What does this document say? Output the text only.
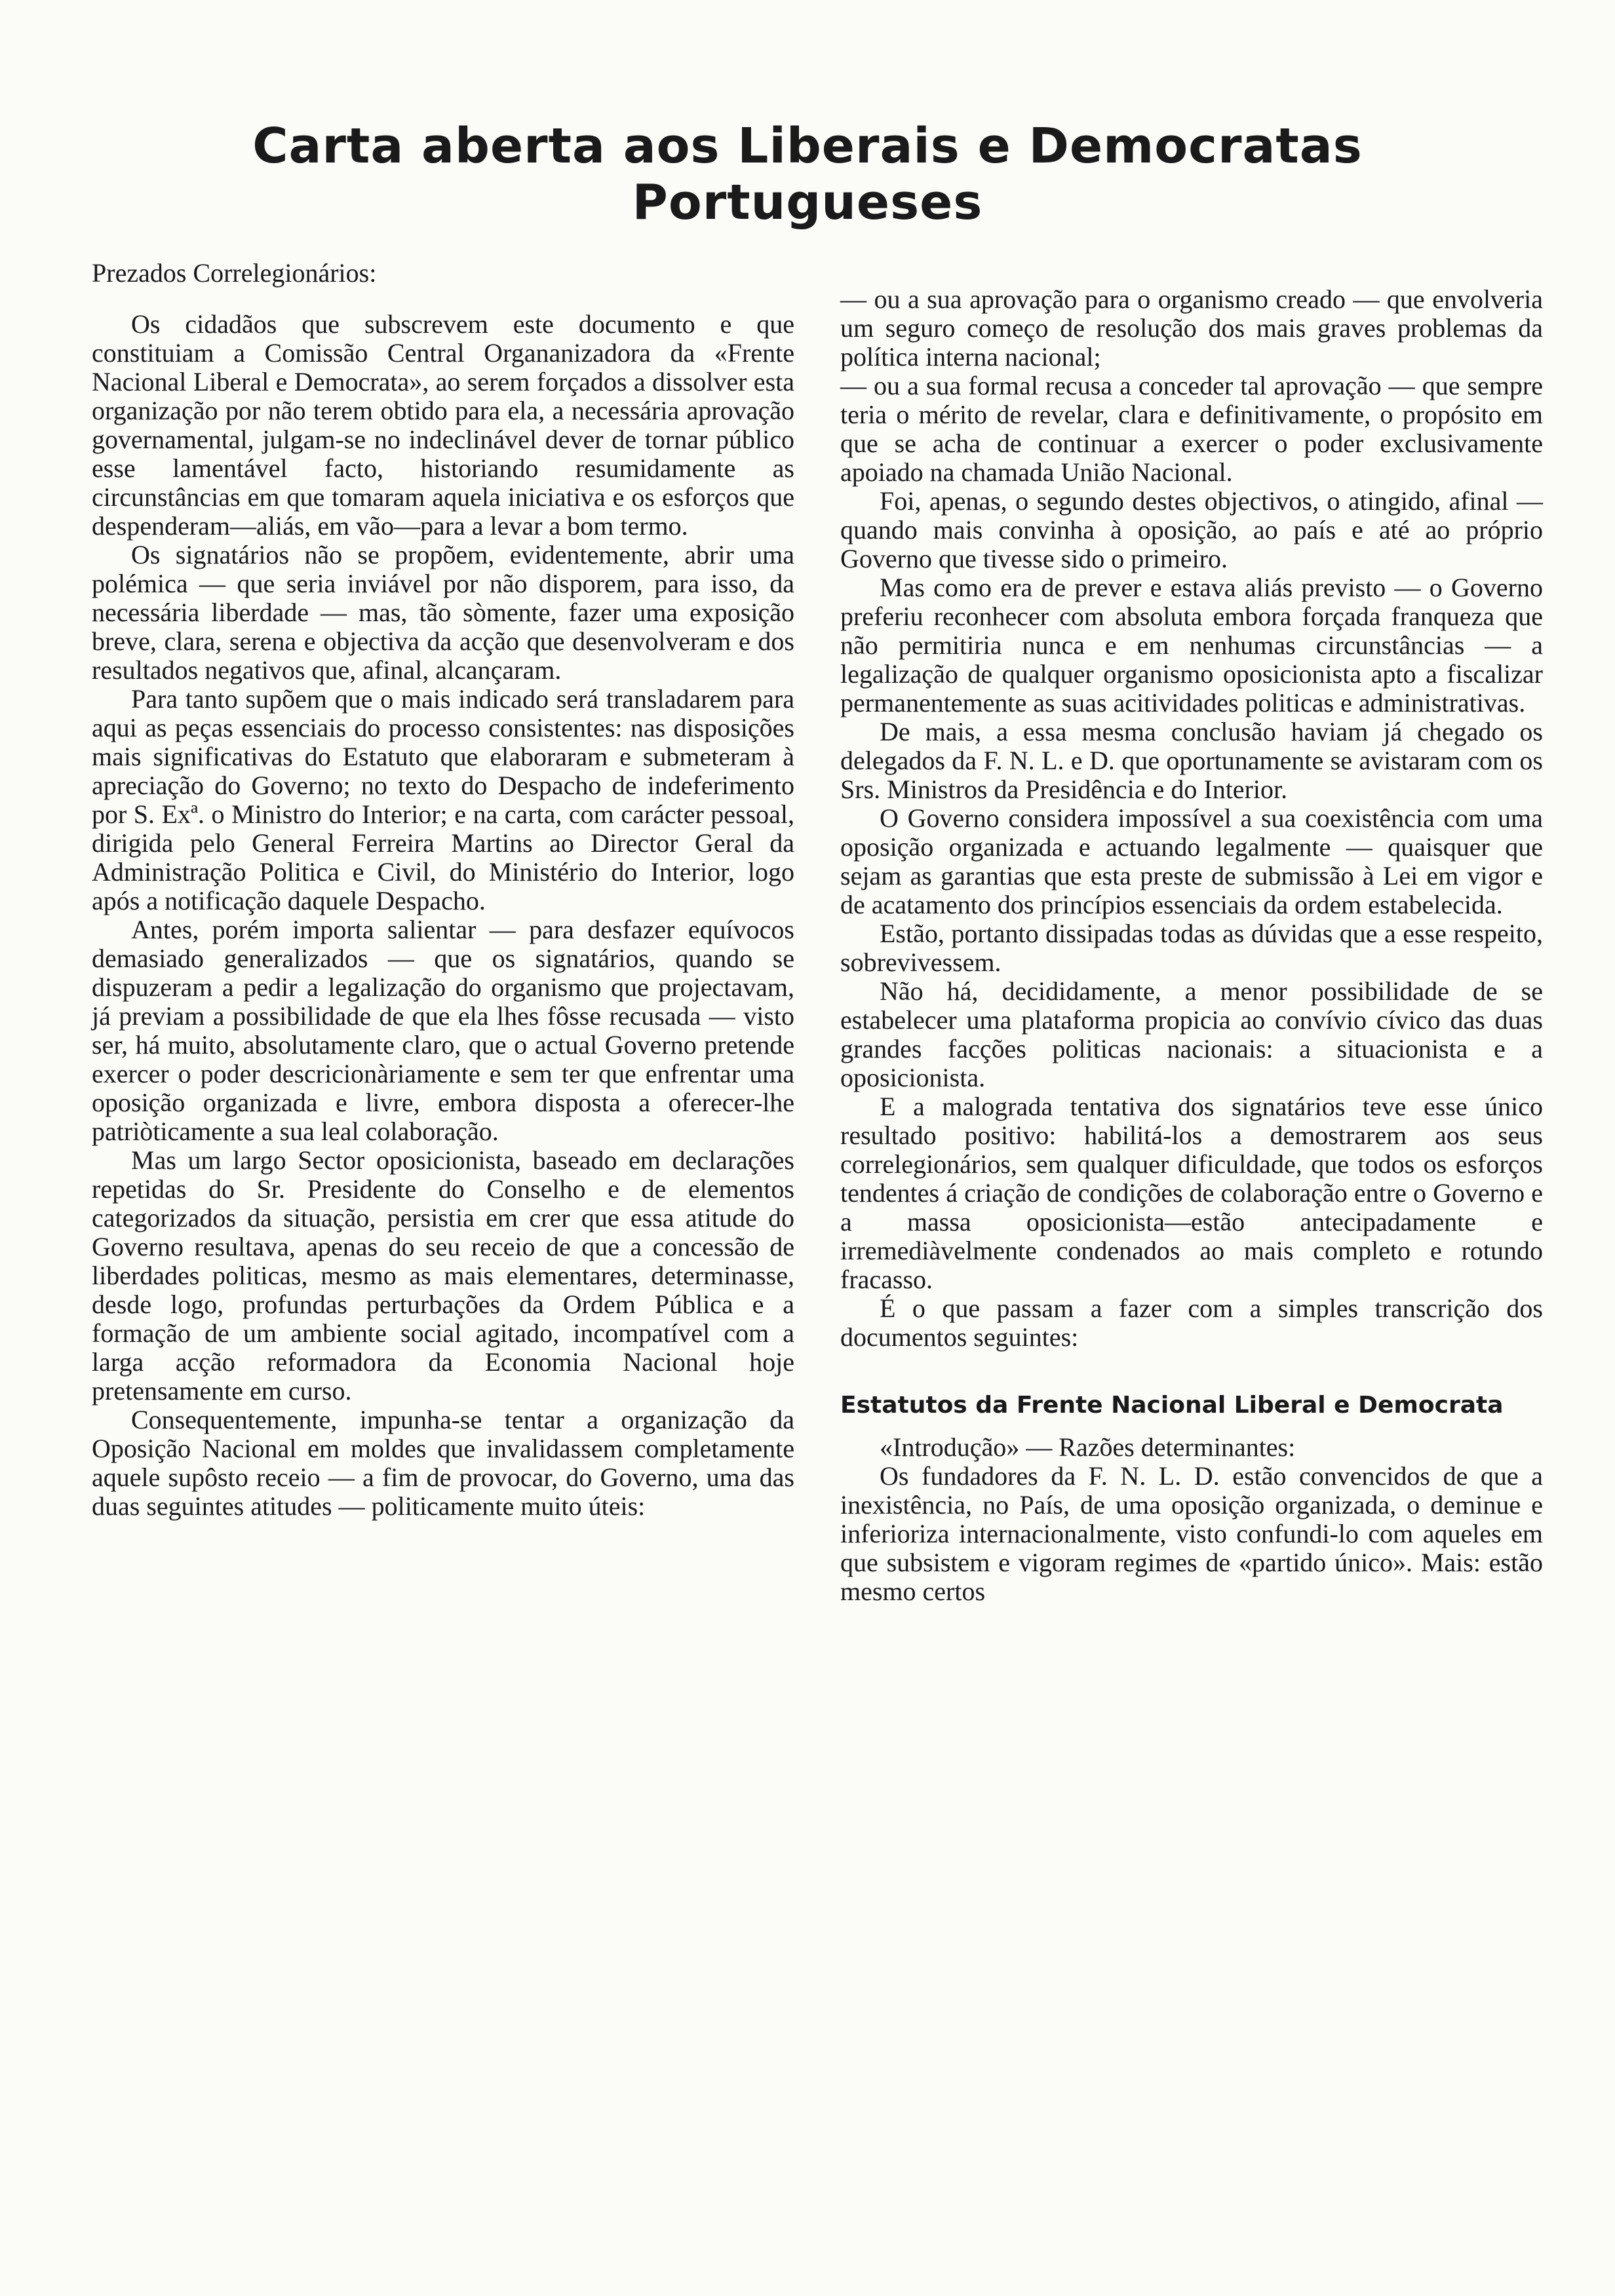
Carta aberta aos Liberais e Democratas Portugueses

Prezados Correlegionários:

Os cidadãos que subscrevem este documento e que constituiam a Comissão Central Organanizadora da «Frente Nacional Liberal e Democrata», ao serem forçados a dissolver esta organização por não terem obtido para ela, a necessária aprovação governamental, julgam-se no indeclinável dever de tornar público esse lamentável facto, historiando resumidamente as circunstâncias em que tomaram aquela iniciativa e os esforços que despenderam—aliás, em vão—para a levar a bom termo.

Os signatários não se propõem, evidentemente, abrir uma polémica — que seria inviável por não disporem, para isso, da necessária liberdade — mas, tão sòmente, fazer uma exposição breve, clara, serena e objectiva da acção que desenvolveram e dos resultados negativos que, afinal, alcançaram.

Para tanto supõem que o mais indicado será transladarem para aqui as peças essenciais do processo consistentes: nas disposições mais significativas do Estatuto que elaboraram e submeteram à apreciação do Governo; no texto do Despacho de indeferimento por S. Exª. o Ministro do Interior; e na carta, com carácter pessoal, dirigida pelo General Ferreira Martins ao Director Geral da Administração Politica e Civil, do Ministério do Interior, logo após a notificação daquele Despacho.

Antes, porém importa salientar — para desfazer equívocos demasiado generalizados — que os signatários, quando se dispuzeram a pedir a legalização do organismo que projectavam, já previam a possibilidade de que ela lhes fôsse recusada — visto ser, há muito, absolutamente claro, que o actual Governo pretende exercer o poder descricionàriamente e sem ter que enfrentar uma oposição organizada e livre, embora disposta a oferecer-lhe patriòticamente a sua leal colaboração.

Mas um largo Sector oposicionista, baseado em declarações repetidas do Sr. Presidente do Conselho e de elementos categorizados da situação, persistia em crer que essa atitude do Governo resultava, apenas do seu receio de que a concessão de liberdades politicas, mesmo as mais elementares, determinasse, desde logo, profundas perturbações da Ordem Pública e a formação de um ambiente social agitado, incompatível com a larga acção reformadora da Economia Nacional hoje pretensamente em curso.

Consequentemente, impunha-se tentar a organização da Oposição Nacional em moldes que invalidassem completamente aquele supôsto receio — a fim de provocar, do Governo, uma das duas seguintes atitudes — politicamente muito úteis:

— ou a sua aprovação para o organismo creado — que envolveria um seguro começo de resolução dos mais graves problemas da política interna nacional;

— ou a sua formal recusa a conceder tal aprovação — que sempre teria o mérito de revelar, clara e definitivamente, o propósito em que se acha de continuar a exercer o poder exclusivamente apoiado na chamada União Nacional.

Foi, apenas, o segundo destes objectivos, o atingido, afinal — quando mais convinha à oposição, ao país e até ao próprio Governo que tivesse sido o primeiro.

Mas como era de prever e estava aliás previsto — o Governo preferiu reconhecer com absoluta embora forçada franqueza que não permitiria nunca e em nenhumas circunstâncias — a legalização de qualquer organismo oposicionista apto a fiscalizar permanentemente as suas acitividades politicas e administrativas.

De mais, a essa mesma conclusão haviam já chegado os delegados da F. N. L. e D. que oportunamente se avistaram com os Srs. Ministros da Presidência e do Interior.

O Governo considera impossível a sua coexistência com uma oposição organizada e actuando legalmente — quaisquer que sejam as garantias que esta preste de submissão à Lei em vigor e de acatamento dos princípios essenciais da ordem estabelecida.

Estão, portanto dissipadas todas as dúvidas que a esse respeito, sobrevivessem.

Não há, decididamente, a menor possibilidade de se estabelecer uma plataforma propicia ao convívio cívico das duas grandes facções politicas nacionais: a situacionista e a oposicionista.

E a malograda tentativa dos signatários teve esse único resultado positivo: habilitá-los a demostrarem aos seus correlegionários, sem qualquer dificuldade, que todos os esforços tendentes á criação de condições de colaboração entre o Governo e a massa oposicionista—estão antecipadamente e irremediàvelmente condenados ao mais completo e rotundo fracasso.

É o que passam a fazer com a simples transcrição dos documentos seguintes:

Estatutos da Frente Nacional Liberal e Democrata

«Introdução» — Razões determinantes:

Os fundadores da F. N. L. D. estão convencidos de que a inexistência, no País, de uma oposição organizada, o deminue e inferioriza internacionalmente, visto confundi-lo com aqueles em que subsistem e vigoram regimes de «partido único». Mais: estão mesmo certos
